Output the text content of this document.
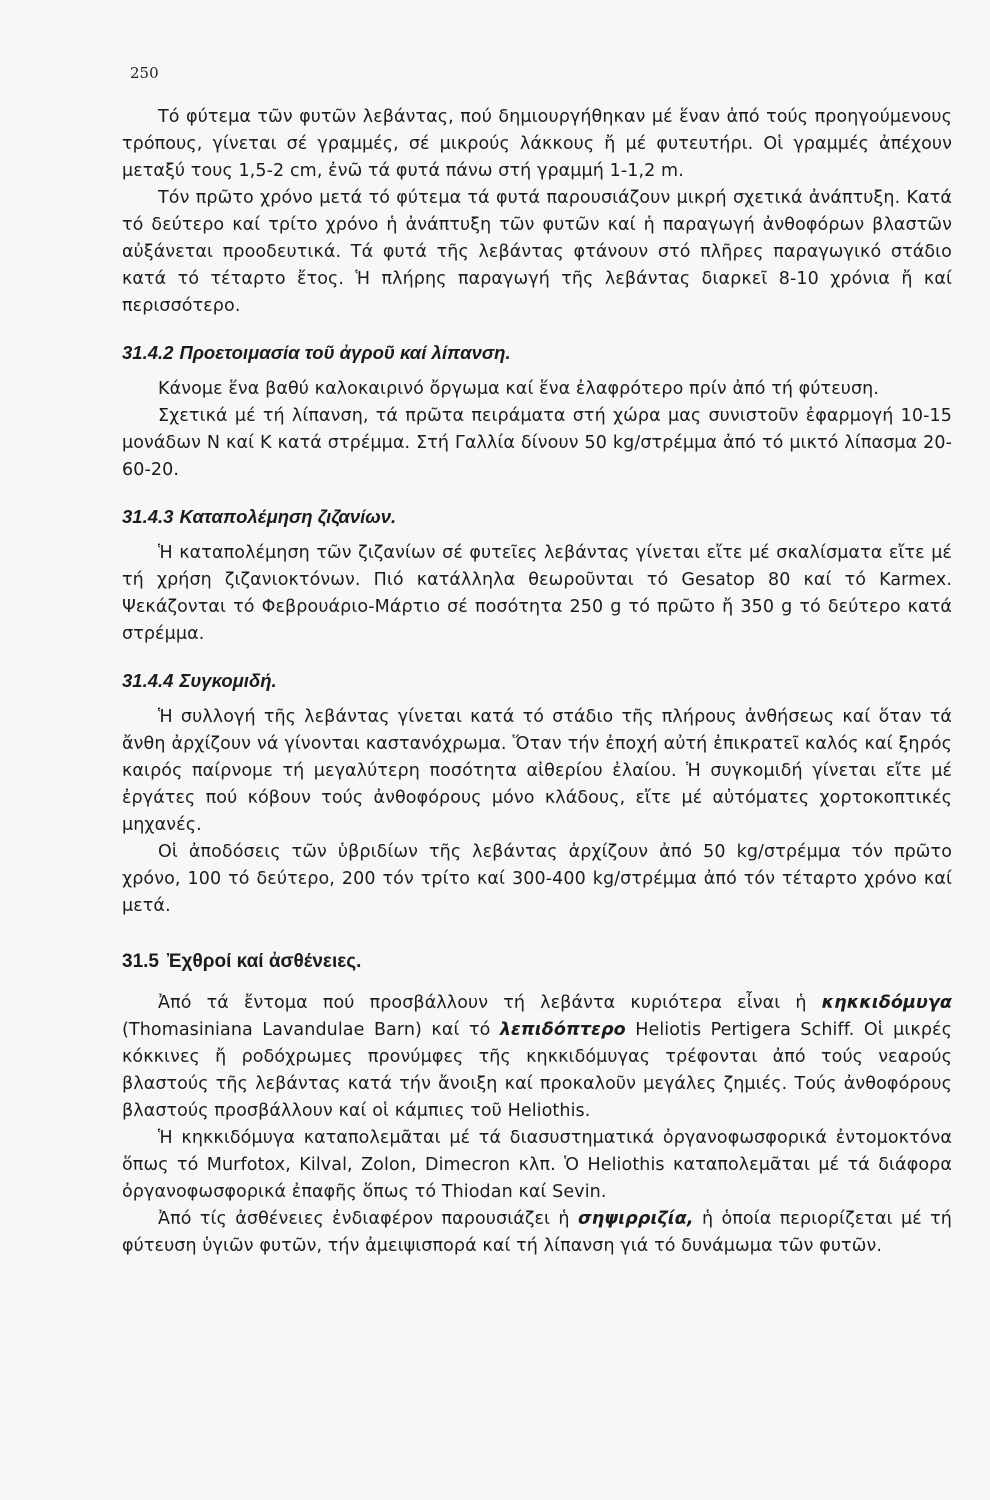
250

Τό φύτεμα τῶν φυτῶν λεβάντας, πού δημιουργήθηκαν μέ ἕναν ἀπό τούς προηγούμενους τρόπους, γίνεται σέ γραμμές, σέ μικρούς λάκκους ἤ μέ φυτευτήρι. Οἱ γραμμές ἀπέχουν μεταξύ τους 1,5-2 cm, ἐνῶ τά φυτά πάνω στή γραμμή 1-1,2 m.

Τόν πρῶτο χρόνο μετά τό φύτεμα τά φυτά παρουσιάζουν μικρή σχετικά ἀνάπτυξη. Κατά τό δεύτερο καί τρίτο χρόνο ἡ ἀνάπτυξη τῶν φυτῶν καί ἡ παραγωγή ἀνθοφόρων βλαστῶν αὐξάνεται προοδευτικά. Τά φυτά τῆς λεβάντας φτάνουν στό πλῆρες παραγωγικό στάδιο κατά τό τέταρτο ἔτος. Ἡ πλήρης παραγωγή τῆς λεβάντας διαρκεῖ 8-10 χρόνια ἤ καί περισσότερο.

31.4.2 Προετοιμασία τοῦ ἀγροῦ καί λίπανση.

Κάνομε ἕνα βαθύ καλοκαιρινό ὄργωμα καί ἕνα ἐλαφρότερο πρίν ἀπό τή φύτευση.

Σχετικά μέ τή λίπανση, τά πρῶτα πειράματα στή χώρα μας συνιστοῦν ἐφαρμογή 10-15 μονάδων N καί K κατά στρέμμα. Στή Γαλλία δίνουν 50 kg/στρέμμα ἀπό τό μικτό λίπασμα 20-60-20.

31.4.3 Καταπολέμηση ζιζανίων.

Ἡ καταπολέμηση τῶν ζιζανίων σέ φυτεῖες λεβάντας γίνεται εἴτε μέ σκαλίσματα εἴτε μέ τή χρήση ζιζανιοκτόνων. Πιό κατάλληλα θεωροῦνται τό Gesatop 80 καί τό Karmex. Ψεκάζονται τό Φεβρουάριο-Μάρτιο σέ ποσότητα 250 g τό πρῶτο ἤ 350 g τό δεύτερο κατά στρέμμα.

31.4.4 Συγκομιδή.

Ἡ συλλογή τῆς λεβάντας γίνεται κατά τό στάδιο τῆς πλήρους ἀνθήσεως καί ὅταν τά ἄνθη ἀρχίζουν νά γίνονται καστανόχρωμα. Ὅταν τήν ἐποχή αὐτή ἐπικρατεῖ καλός καί ξηρός καιρός παίρνομε τή μεγαλύτερη ποσότητα αἰθερίου ἐλαίου. Ἡ συγκομιδή γίνεται εἴτε μέ ἐργάτες πού κόβουν τούς ἀνθοφόρους μόνο κλάδους, εἴτε μέ αὐτόματες χορτοκοπτικές μηχανές.

Οἱ ἀποδόσεις τῶν ὑβριδίων τῆς λεβάντας ἀρχίζουν ἀπό 50 kg/στρέμμα τόν πρῶτο χρόνο, 100 τό δεύτερο, 200 τόν τρίτο καί 300-400 kg/στρέμμα ἀπό τόν τέταρτο χρόνο καί μετά.

31.5 Ἐχθροί καί ἀσθένειες.

Ἀπό τά ἔντομα πού προσβάλλουν τή λεβάντα κυριότερα εἶναι ἡ κηκκιδόμυγα (Thomasiniana Lavandulae Barn) καί τό λεπιδόπτερο Heliotis Pertigera Schiff. Οἱ μικρές κόκκινες ἤ ροδόχρωμες προνύμφες τῆς κηκκιδόμυγας τρέφονται ἀπό τούς νεαρούς βλαστούς τῆς λεβάντας κατά τήν ἄνοιξη καί προκαλοῦν μεγάλες ζημιές. Τούς ἀνθοφόρους βλαστούς προσβάλλουν καί οἱ κάμπιες τοῦ Heliothis.

Ἡ κηκκιδόμυγα καταπολεμᾶται μέ τά διασυστηματικά ὀργανοφωσφορικά ἐντομοκτόνα ὅπως τό Murfotox, Kilval, Zolon, Dimecron κλπ. Ὁ Heliothis καταπολεμᾶται μέ τά διάφορα ὀργανοφωσφορικά ἐπαφῆς ὅπως τό Thiodan καί Sevin.

Ἀπό τίς ἀσθένειες ἐνδιαφέρον παρουσιάζει ἡ σηψιρριζία, ἡ ὁποία περιορίζεται μέ τή φύτευση ὑγιῶν φυτῶν, τήν ἀμειψισπορά καί τή λίπανση γιά τό δυνάμωμα τῶν φυτῶν.
